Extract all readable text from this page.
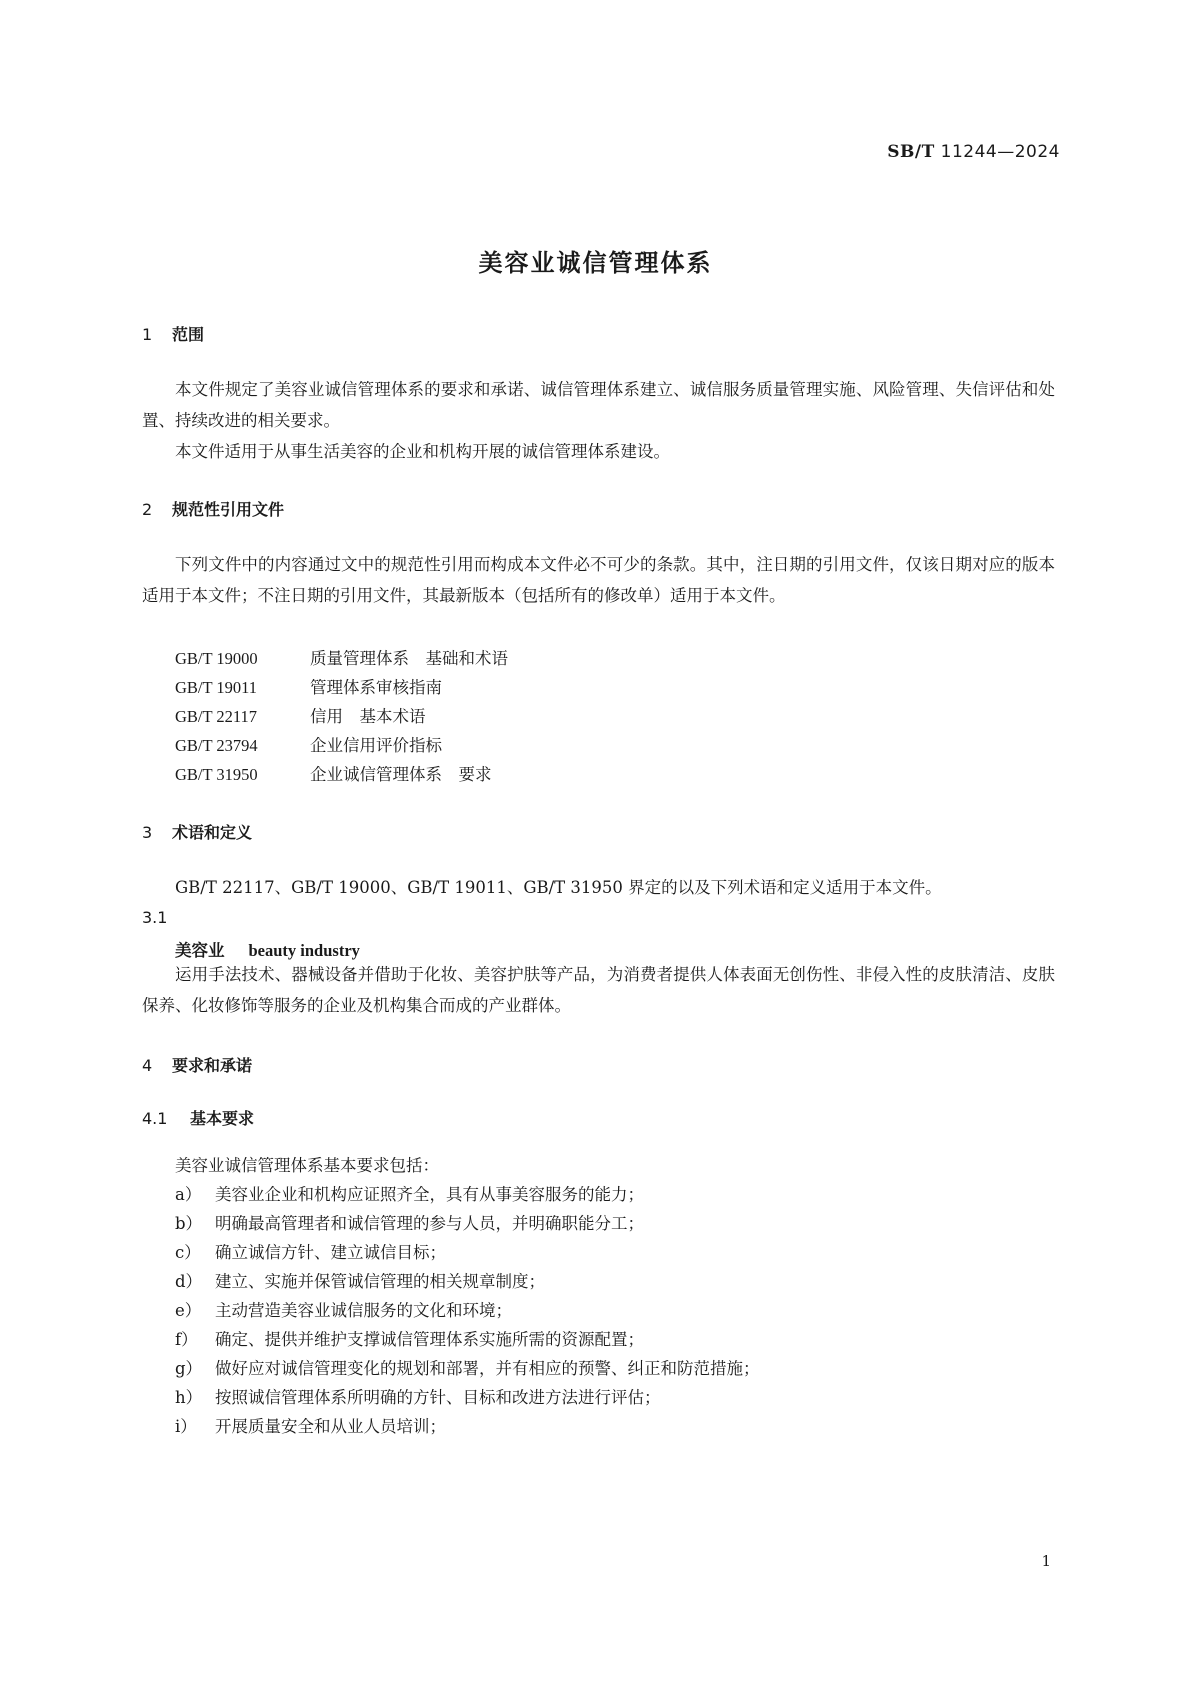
SB/T 11244—2024
美容业诚信管理体系
1 范围
本文件规定了美容业诚信管理体系的要求和承诺、诚信管理体系建立、诚信服务质量管理实施、风险管理、失信评估和处置、持续改进的相关要求。
本文件适用于从事生活美容的企业和机构开展的诚信管理体系建设。
2 规范性引用文件
下列文件中的内容通过文中的规范性引用而构成本文件必不可少的条款。其中，注日期的引用文件，仅该日期对应的版本适用于本文件；不注日期的引用文件，其最新版本（包括所有的修改单）适用于本文件。
GB/T 19000	质量管理体系　基础和术语
GB/T 19011	管理体系审核指南
GB/T 22117	信用　基本术语
GB/T 23794	企业信用评价指标
GB/T 31950	企业诚信管理体系　要求
3 术语和定义
GB/T 22117、GB/T 19000、GB/T 19011、GB/T 31950 界定的以及下列术语和定义适用于本文件。
3.1
美容业 beauty industry
运用手法技术、器械设备并借助于化妆、美容护肤等产品，为消费者提供人体表面无创伤性、非侵入性的皮肤清洁、皮肤保养、化妆修饰等服务的企业及机构集合而成的产业群体。
4 要求和承诺
4.1 基本要求
美容业诚信管理体系基本要求包括：
a） 美容业企业和机构应证照齐全，具有从事美容服务的能力；
b） 明确最高管理者和诚信管理的参与人员，并明确职能分工；
c） 确立诚信方针、建立诚信目标；
d） 建立、实施并保管诚信管理的相关规章制度；
e） 主动营造美容业诚信服务的文化和环境；
f） 确定、提供并维护支撑诚信管理体系实施所需的资源配置；
g） 做好应对诚信管理变化的规划和部署，并有相应的预警、纠正和防范措施；
h） 按照诚信管理体系所明确的方针、目标和改进方法进行评估；
i） 开展质量安全和从业人员培训；
1
